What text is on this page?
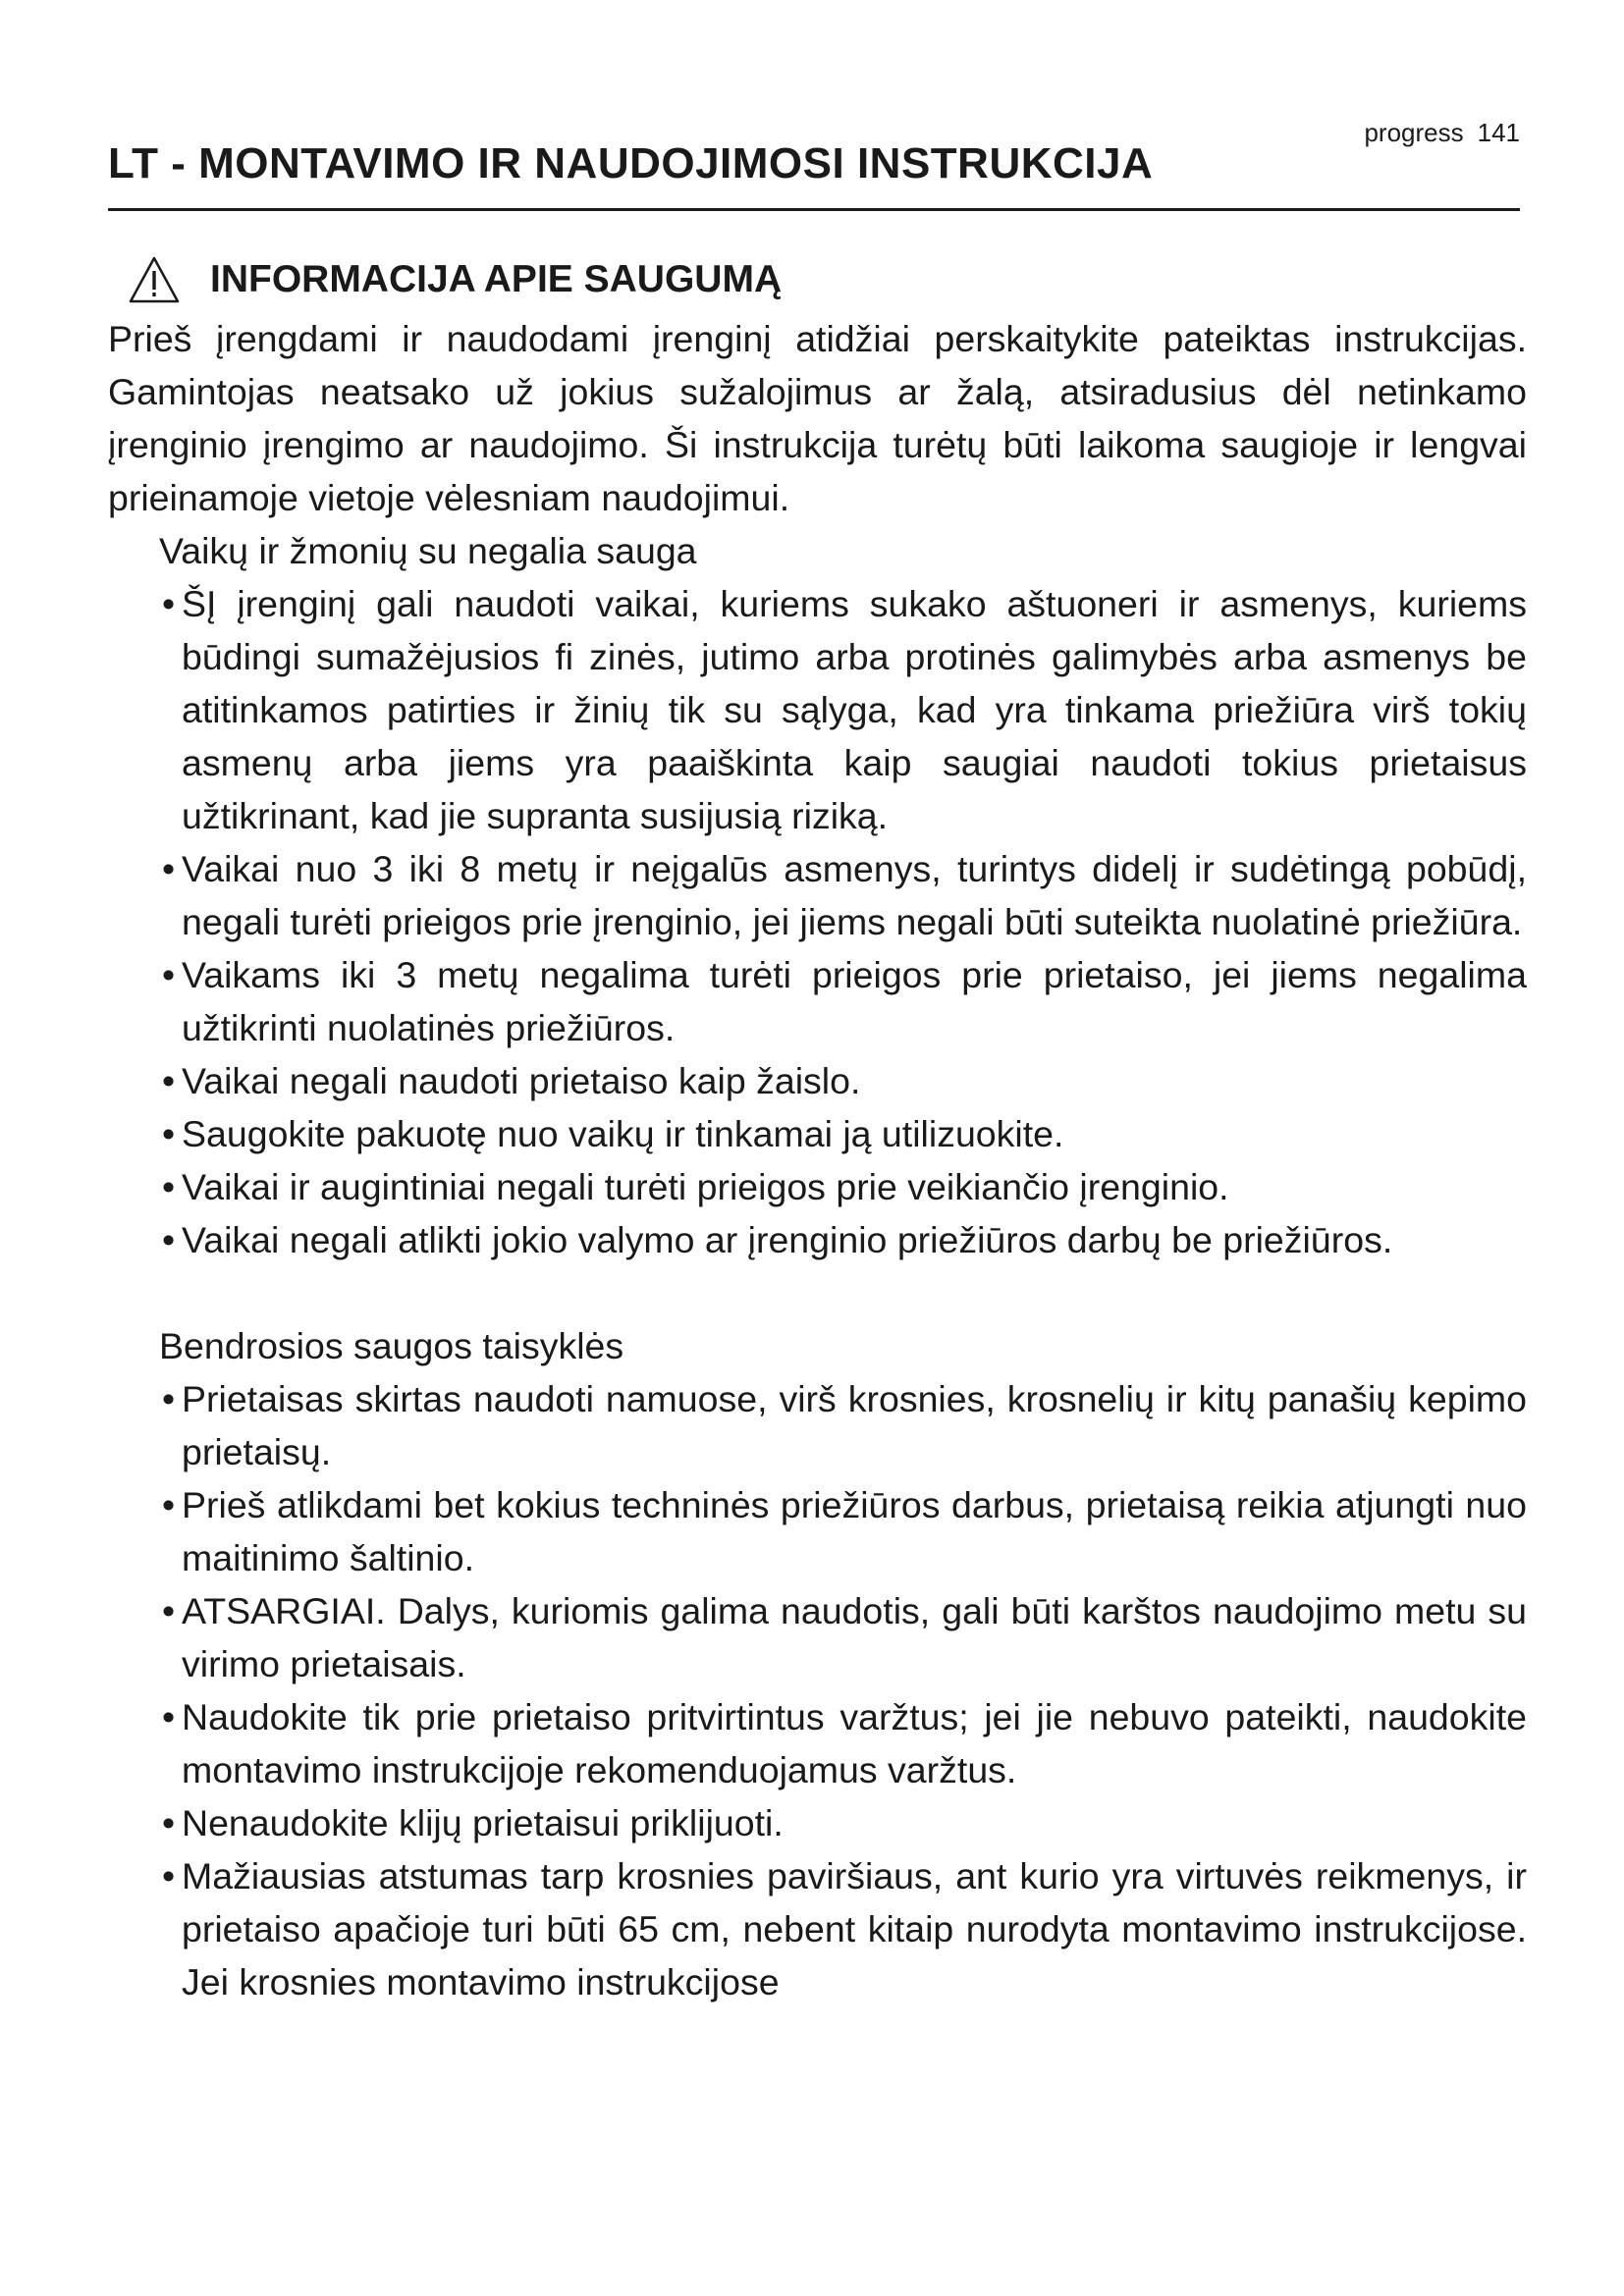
LT - MONTAVIMO IR NAUDOJIMOSI INSTRUKCIJA
progress 141
INFORMACIJA APIE SAUGUMĄ

Prieš įrengdami ir naudodami įrenginį atidžiai perskaitykite pateiktas instrukcijas. Gamintojas neatsako už jokius sužalojimus ar žalą, atsiradusius dėl netinkamo įrenginio įrengimo ar naudojimo. Ši instrukcija turėtų būti laikoma saugioje ir lengvai prieinamoje vietoje vėlesniam naudojimui.

Vaikų ir žmonių su negalia sauga

• ŠĮ įrenginį gali naudoti vaikai, kuriems sukako aštuoneri ir asmenys, kuriems būdingi sumažėjusios fi zinės, jutimo arba protinės galimybės arba asmenys be atitinkamos patirties ir žinių tik su sąlyga, kad yra tinkama priežiūra virš tokių asmenų arba jiems yra paaiškinta kaip saugiai naudoti tokius prietaisus užtikrinant, kad jie supranta susijusią riziką.
• Vaikai nuo 3 iki 8 metų ir neįgalūs asmenys, turintys didelį ir sudėtingą pobūdį, negali turėti prieigos prie įrenginio, jei jiems negali būti suteikta nuolatinė priežiūra.
• Vaikams iki 3 metų negalima turėti prieigos prie prietaiso, jei jiems negalima užtikrinti nuolatinės priežiūros.
• Vaikai negali naudoti prietaiso kaip žaislo.
• Saugokite pakuotę nuo vaikų ir tinkamai ją utilizuokite.
• Vaikai ir augintiniai negali turėti prieigos prie veikiančio įrenginio.
• Vaikai negali atlikti jokio valymo ar įrenginio priežiūros darbų be priežiūros.

Bendrosios saugos taisyklės

• Prietaisas skirtas naudoti namuose, virš krosnies, krosnelių ir kitų panašių kepimo prietaisų.
• Prieš atlikdami bet kokius techninės priežiūros darbus, prietaisą reikia atjungti nuo maitinimo šaltinio.
• ATSARGIAI. Dalys, kuriomis galima naudotis, gali būti karštos naudojimo metu su virimo prietaisais.
• Naudokite tik prie prietaiso pritvirtintus varžtus; jei jie nebuvo pateikti, naudokite montavimo instrukcijoje rekomenduojamus varžtus.
• Nenaudokite klijų prietaisui priklijuoti.
• Mažiausias atstumas tarp krosnies paviršiaus, ant kurio yra virtuvės reikmenys, ir prietaiso apačioje turi būti 65 cm, nebent kitaip nurodyta montavimo instrukcijose. Jei krosnies montavimo instrukcijose
